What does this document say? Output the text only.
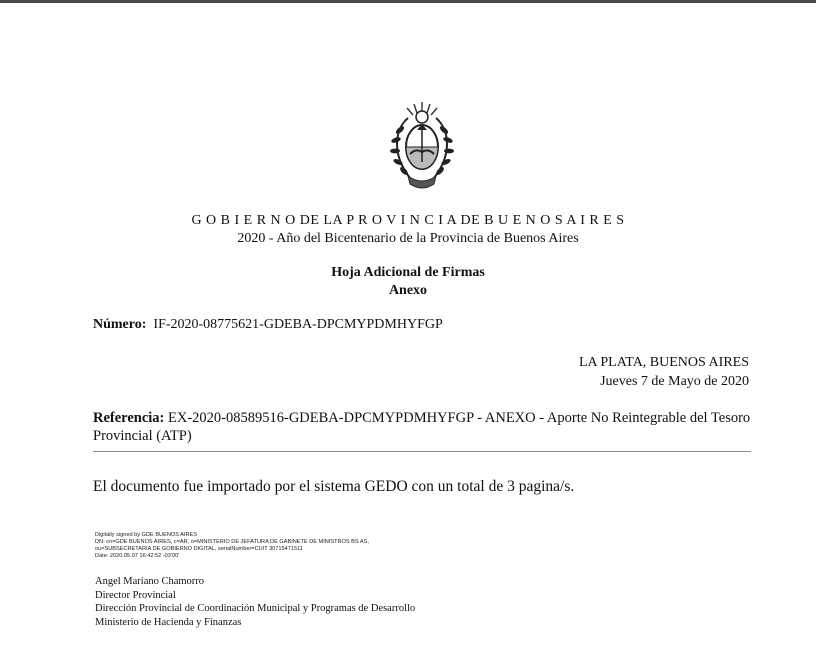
G O B I E R N O DE LA P R O V I N C I A DE B U E N O S A I R E S
2020 - Año del Bicentenario de la Provincia de Buenos Aires
Hoja Adicional de Firmas
Anexo
Número: IF-2020-08775621-GDEBA-DPCMYPDMHYFGP
LA PLATA, BUENOS AIRES
Jueves 7 de Mayo de 2020
Referencia: EX-2020-08589516-GDEBA-DPCMYPDMHYFGP - ANEXO - Aporte No Reintegrable del Tesoro Provincial (ATP)
El documento fue importado por el sistema GEDO con un total de 3 pagina/s.
Digitally signed by GDE BUENOS AIRES
DN: cn=GDE BUENOS AIRES, c=AR, o=MINISTERIO DE JEFATURA DE GABINETE DE MINISTROS BS AS,
ou=SUBSECRETARIA DE GOBIERNO DIGITAL, serialNumber=CUIT 30715471511
Date: 2020.05.07 16:42:52 -03'00'
Angel Mariano Chamorro
Director Provincial
Dirección Provincial de Coordinación Municipal y Programas de Desarrollo
Ministerio de Hacienda y Finanzas
